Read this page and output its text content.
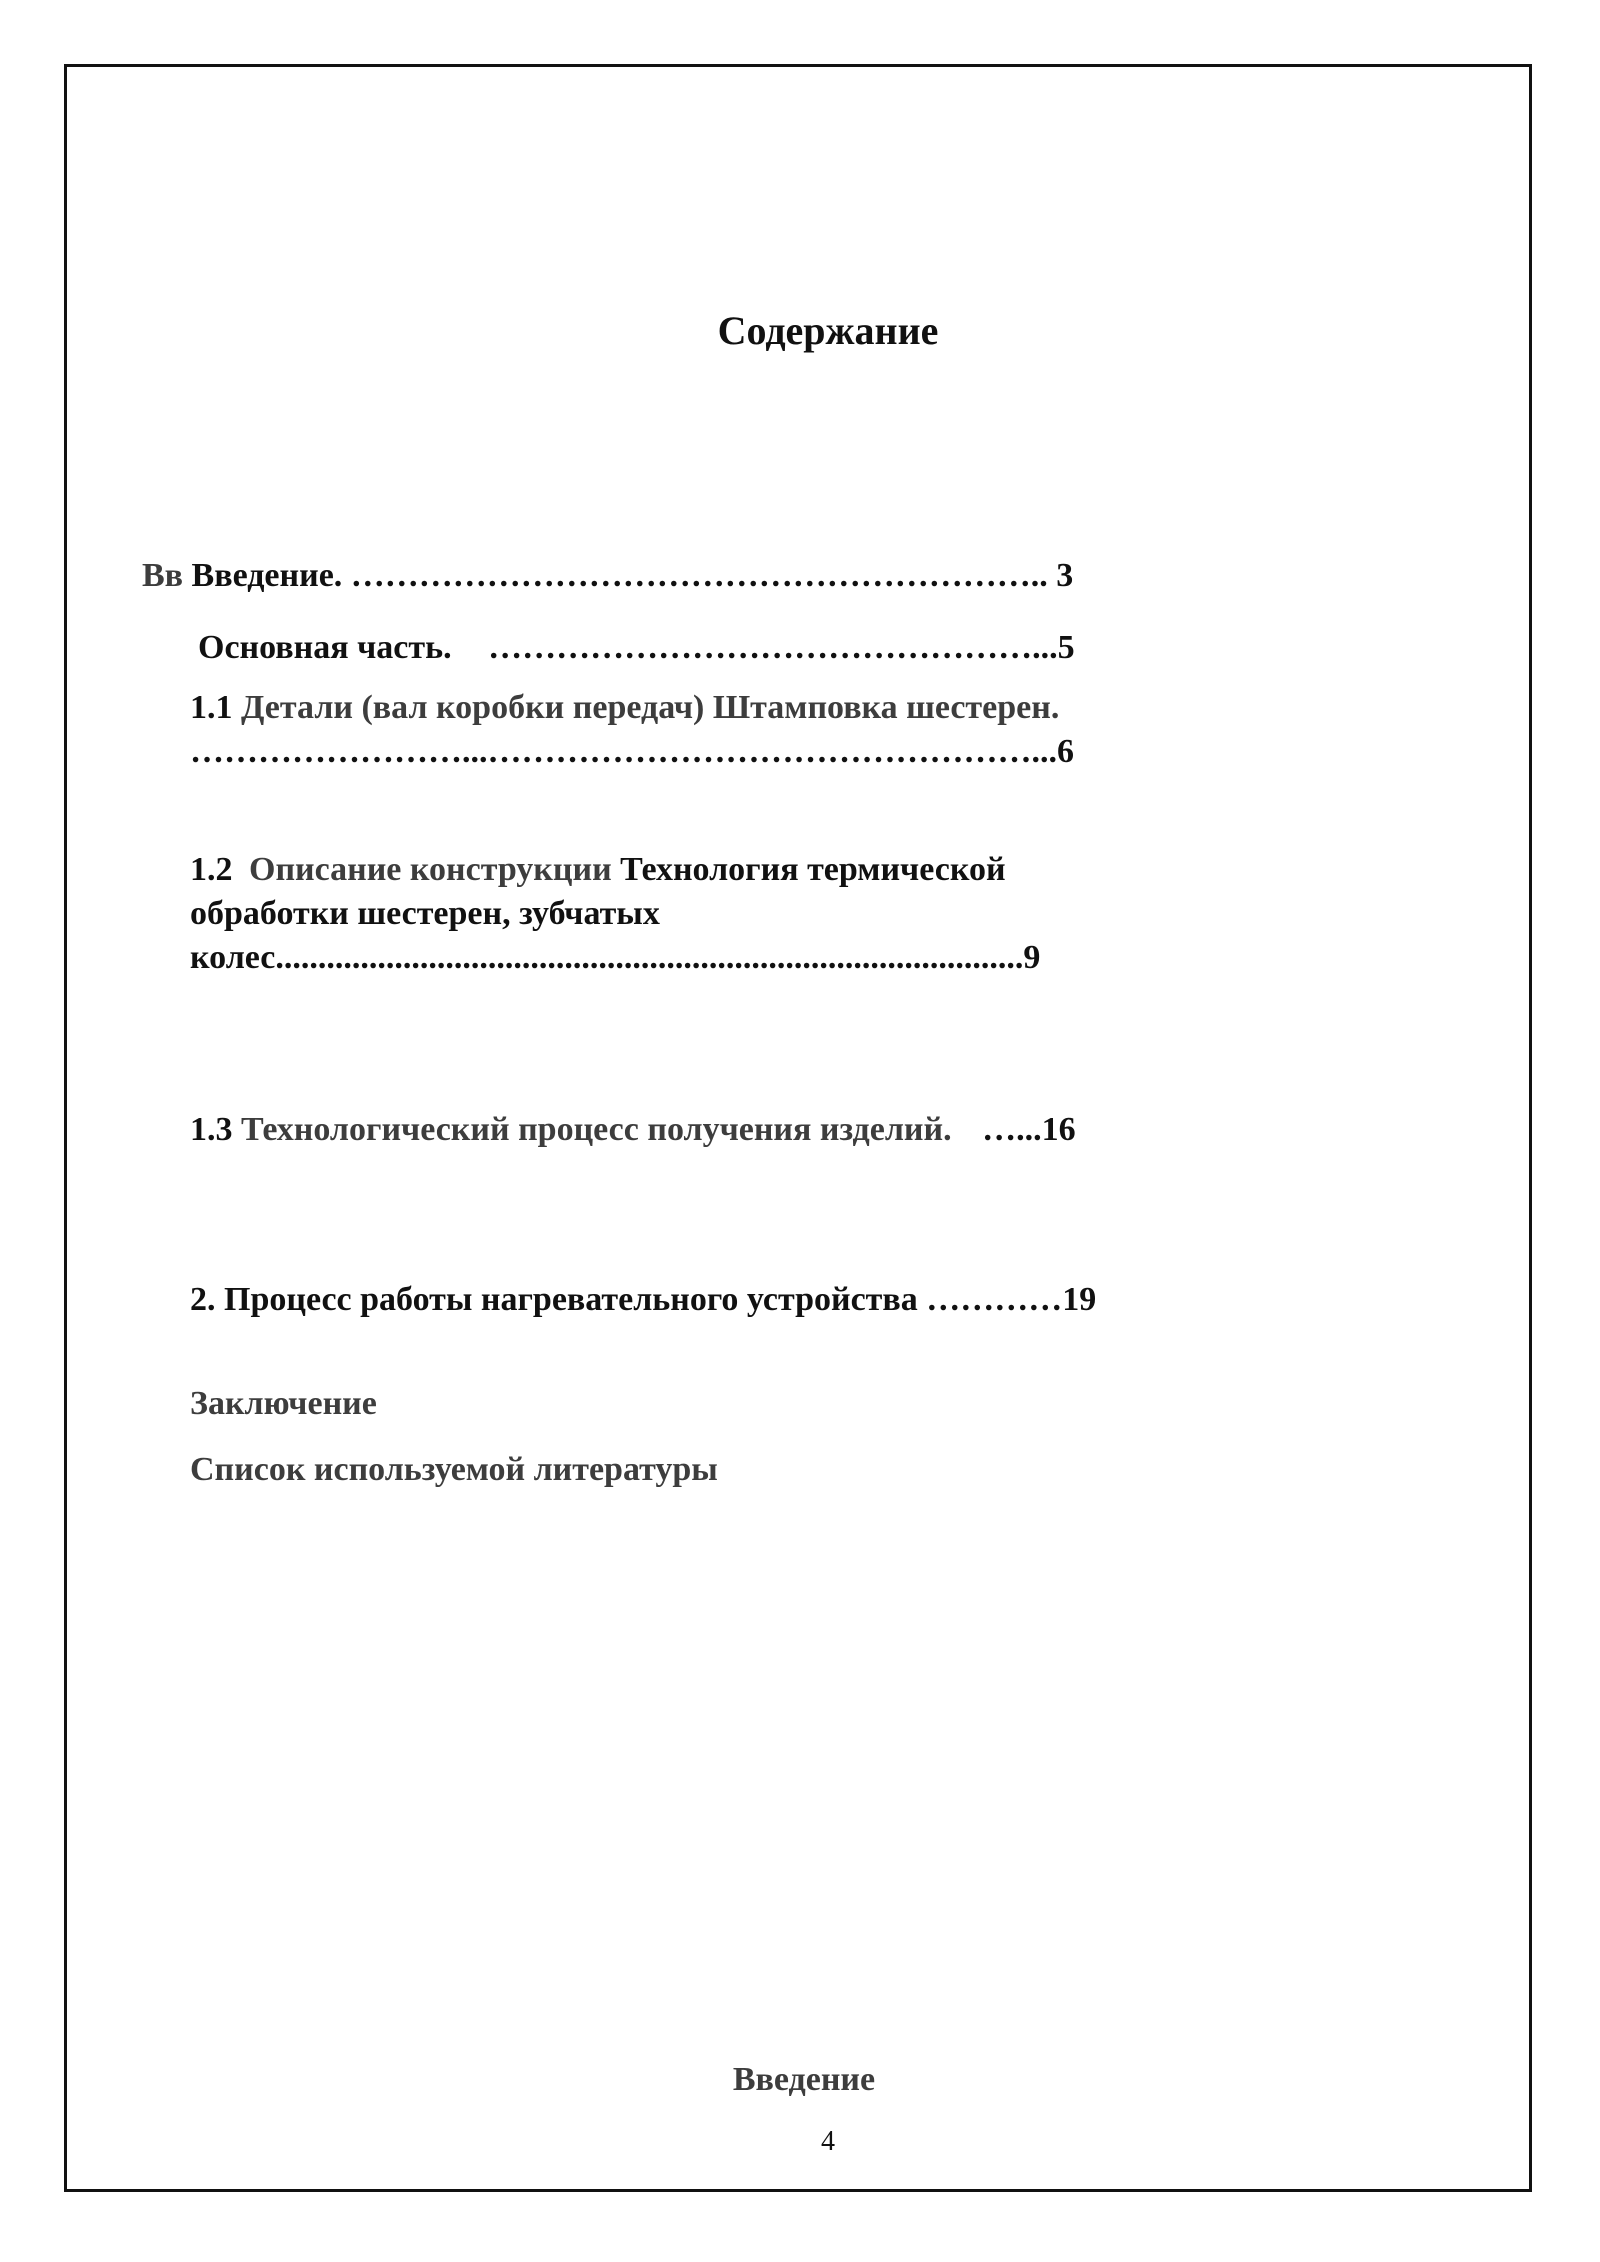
Содержание
Вв Введение. …………………………………………………….. 3
Основная часть. …………………………………………...5
1.1 Детали (вал коробки передач) Штамповка шестерен.
……………………...…………………………………………...6
1.2 Описание конструкции Технология термической
обработки шестерен, зубчатых
колес........................................................................................9
1.3 Технологический процесс получения изделий. …...16
2. Процесс работы нагревательного устройства …………19
Заключение
Список используемой литературы
Введение
4
